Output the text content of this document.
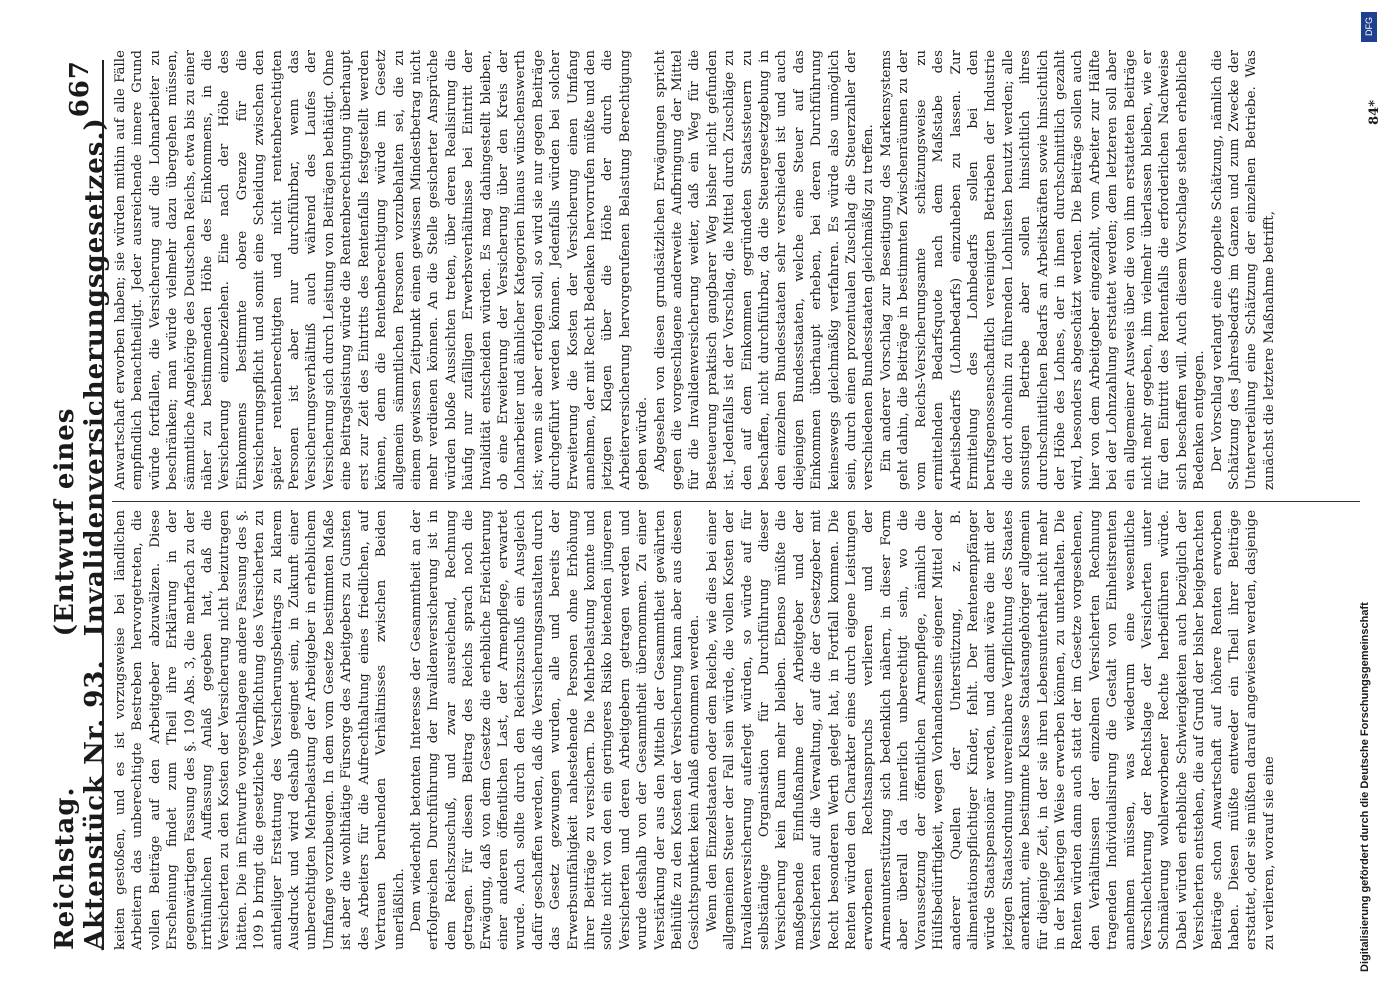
Reichstag. Aktenstück Nr. 93.
(Entwurf eines Invalidenversicherungsgesetzes.)
667

keiten gestoßen, und es ist vorzugsweise bei ländlichen Arbeitern das unberechtigte Bestreben hervorgetreten, die vollen Beiträge auf den Arbeitgeber abzuwälzen. Diese Erscheinung findet zum Theil ihre Erklärung in der gegenwärtigen Fassung des §. 109 Abs. 3, die mehrfach zu der irrthümlichen Auffassung Anlaß gegeben hat, daß die Versicherten zu den Kosten der Versicherung nicht beizutragen hätten. Die im Entwurfe vorgeschlagene andere Fassung des §. 109 b bringt die gesetzliche Verpflichtung des Versicherten zu antheiliger Erstattung des Versicherungsbeitrags zu klarem Ausdruck und wird deshalb geeignet sein, in Zukunft einer unberechtigten Mehrbelastung der Arbeitgeber in erheblichem Umfange vorzubeugen. In dem vom Gesetze bestimmten Maße ist aber die wohlthätige Fürsorge des Arbeitgebers zu Gunsten des Arbeiters für die Aufrechthaltung eines friedlichen, auf Vertrauen beruhenden Verhältnisses zwischen Beiden unerläßlich. Dem wiederholt betonten Interesse der Gesammtheit an der erfolgreichen Durchführung der Invalidenversicherung ist in dem Reichszuschuß, und zwar ausreichend, Rechnung getragen. Für diesen Beitrag des Reichs sprach noch die Erwägung, daß von dem Gesetze die erhebliche Erleichterung einer anderen öffentlichen Last, der Armenpflege, erwartet wurde. Auch sollte durch den Reichszuschuß ein Ausgleich dafür geschaffen werden, daß die Versicherungsanstalten durch das Gesetz gezwungen wurden, alle und bereits der Erwerbsunfähigkeit nahestehende Personen ohne Erhöhung ihrer Beiträge zu versichern. Die Mehrbelastung konnte und sollte nicht von den ein geringeres Risiko bietenden jüngeren Versicherten und deren Arbeitgebern getragen werden und wurde deshalb von der Gesammtheit übernommen. Zu einer Verstärkung der aus den Mitteln der Gesammtheit gewährten Beihülfe zu den Kosten der Versicherung kann aber aus diesen Gesichtspunkten kein Anlaß entnommen werden. Wenn den Einzelstaaten oder dem Reiche, wie dies bei einer allgemeinen Steuer der Fall sein würde, die vollen Kosten der Invalidenversicherung auferlegt würden, so würde auf für selbständige Organisation für Durchführung dieser Versicherung kein Raum mehr bleiben. Ebenso müßte die maßgebende Einflußnahme der Arbeitgeber und der Versicherten auf die Verwaltung, auf die der Gesetzgeber mit Recht besonderen Werth gelegt hat, in Fortfall kommen. Die Renten würden den Charakter eines durch eigene Leistungen erworbenen Rechtsanspruchs verlieren und der Armenunterstützung sich bedenklich nähern, in dieser Form aber überall da innerlich unberechtigt sein, wo die Voraussetzung der öffentlichen Armenpflege, nämlich die Hülfsbedürftigkeit, wegen Vorhandenseins eigener Mittel oder anderer Quellen der Unterstützung, z. B. alimentationspflichtiger Kinder, fehlt. Der Rentenempfänger würde Staatspensionär werden, und damit wäre die mit der jetzigen Staatsordnung unvereinbare Verpflichtung des Staates anerkannt, eine bestimmte Klasse Staatsangehöriger allgemein für diejenige Zeit, in der sie ihren Lebensunterhalt nicht mehr in der bisherigen Weise erwerben können, zu unterhalten. Die Renten würden dann auch statt der im Gesetze vorgesehenen, den Verhältnissen der einzelnen Versicherten Rechnung tragenden Individualisirung die Gestalt von Einheitsrenten annehmen müssen, was wiederum eine wesentliche Verschlechterung der Rechtslage der Versicherten unter Schmälerung wohlerworbener Rechte herbeiführen würde. Dabei würden erhebliche Schwierigkeiten auch bezüglich der Versicherten entstehen, die auf Grund der bisher beigebrachten Beiträge schon Anwartschaft auf höhere Renten erworben haben. Diesen müßte entweder ein Theil ihrer Beiträge erstattet, oder sie müßten darauf angewiesen werden, dasjenige zu verlieren, worauf sie eine

Anwartschaft erworben haben; sie würden mithin auf alle Fälle empfindlich benachtheiligt. Jeder ausreichende innere Grund würde fortfallen, die Versicherung auf die Lohnarbeiter zu beschränken; man würde vielmehr dazu übergehen müssen, sämmtliche Angehörige des Deutschen Reichs, etwa bis zu einer näher zu bestimmenden Höhe des Einkommens, in die Versicherung einzubeziehen. Eine nach der Höhe des Einkommens bestimmte obere Grenze für die Versicherungspflicht und somit eine Scheidung zwischen den später rentenberechtigten und nicht rentenberechtigten Personen ist aber nur durchführbar, wenn das Versicherungsverhältniß auch während des Laufes der Versicherung sich durch Leistung von Beiträgen bethätigt. Ohne eine Beitragsleistung würde die Rentenberechtigung überhaupt erst zur Zeit des Eintritts des Rentenfalls festgestellt werden können, denn die Rentenberechtigung würde im Gesetz allgemein sämmtlichen Personen vorzubehalten sei, die zu einem gewissen Zeitpunkt einen gewissen Mindestbetrag nicht mehr verdienen können. An die Stelle gesicherter Ansprüche würden bloße Aussichten treten, über deren Realisirung die häufig nur zufälligen Erwerbsverhältnisse bei Eintritt der Invalidität entscheiden würden. Es mag dahingestellt bleiben, ob eine Erweiterung der Versicherung über den Kreis der Lohnarbeiter und ähnlicher Kategorien hinaus wünschenswerth ist; wenn sie aber erfolgen soll, so wird sie nur gegen Beiträge durchgeführt werden können. Jedenfalls würden bei solcher Erweiterung die Kosten der Versicherung einen Umfang annehmen, der mit Recht Bedenken hervorrufen müßte und den jetzigen Klagen über die Höhe der durch die Arbeiterversicherung hervorgerufenen Belastung Berechtigung geben würde. Abgesehen von diesen grundsätzlichen Erwägungen spricht gegen die vorgeschlagene anderweite Aufbringung der Mittel für die Invalidenversicherung weiter, daß ein Weg für die Besteuerung praktisch gangbarer Weg bisher nicht gefunden ist. Jedenfalls ist der Vorschlag, die Mittel durch Zuschläge zu den auf dem Einkommen gegründeten Staatssteuern zu beschaffen, nicht durchführbar, da die Steuergesetzgebung in den einzelnen Bundesstaaten sehr verschieden ist und auch diejenigen Bundesstaaten, welche eine Steuer auf das Einkommen überhaupt erheben, bei deren Durchführung keineswegs gleichmäßig verfahren. Es würde also unmöglich sein, durch einen prozentualen Zuschlag die Steuerzahler der verschiedenen Bundesstaaten gleichmäßig zu treffen. Ein anderer Vorschlag zur Beseitigung des Markensystems geht dahin, die Beiträge in bestimmten Zwischenräumen zu der vom Reichs-Versicherungsamte schätzungsweise zu ermittelnden Bedarfsquote nach dem Maßstabe des Arbeitsbedarfs (Lohnbedarfs) einzuheben zu lassen. Zur Ermittelung des Lohnbedarfs sollen bei den berufsgenossenschaftlich vereinigten Betrieben der Industrie die dort ohnehin zu führenden Lohnlisten benutzt werden; alle sonstigen Betriebe aber sollen hinsichtlich ihres durchschnittlichen Bedarfs an Arbeitskräften sowie hinsichtlich der Höhe des Lohnes, der in ihnen durchschnittlich gezahlt wird, besonders abgeschätzt werden. Die Beiträge sollen auch hier von dem Arbeitgeber eingezahlt, vom Arbeiter zur Hälfte bei der Lohnzahlung erstattet werden; dem letzteren soll aber ein allgemeiner Ausweis über die von ihm erstatteten Beiträge nicht mehr gegeben, ihm vielmehr überlassen bleiben, wie er für den Eintritt des Rentenfalls die erforderlichen Nachweise sich beschaffen will. Auch diesem Vorschlage stehen erhebliche Bedenken entgegen. Der Vorschlag verlangt eine doppelte Schätzung, nämlich die Schätzung des Jahresbedarfs im Ganzen und zum Zwecke der Unterverteilung eine Schätzung der einzelnen Betriebe. Was zunächst die letztere Maßnahme betrifft,

84*
DFG
Digitalisierung gefördert durch die Deutsche Forschungsgemeinschaft
